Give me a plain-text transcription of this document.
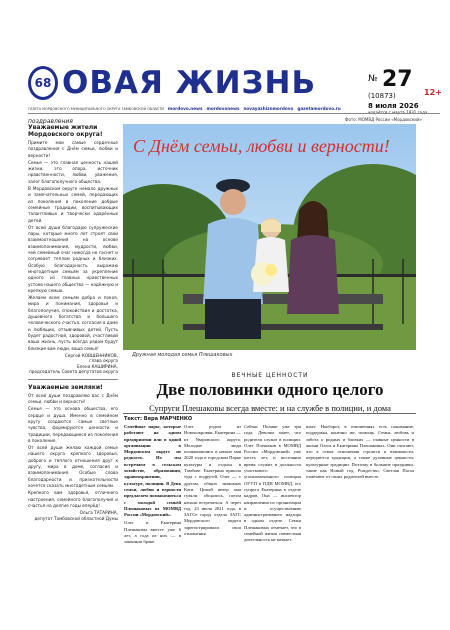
68 ОВАЯ ЖИЗНЬ	№ 27
(10873)	12+
8 июля 2026
издаётся с марта 1931 года
ГАЗЕТА МОРДОВСКОГО МУНИЦИПАЛЬНОГО ОКРУГА ТАМБОВСКОЙ ОБЛАСТИ mordovo.news mordovonews novayazhiznmordovo gazetamordovo.ru
поздравления	Фото: МОМВД России «Мордовский»
Уважаемые жители Мордовского округа!

Примите мои самые сердечные поздравления с Днём семьи, любви и верности!

Семья — это главная ценность нашей жизни, это опора, источник нравственности, любви, уважения, залог благополучного общества.

В Мордовском округе немало дружных и замечательных семей, передающих из поколения в поколение добрые семейные традиции, воспитывающих талантливых и творчески одарённых детей.

От всей души благодарю супружеские пары, которые много лет строят свои взаимоотношения на основе взаимопонимания, мудрости, любви, чей семейный очаг никогда не гаснет и согревает теплом родных и близких. Особую благодарность выражаю многодетным семьям за укрепление одного из главных нравственных устоев нашего общества — надёжную и крепкую семью.

Желаем всем семьям добра и покоя, мира и понимания, здоровья и благополучия, спокойствия и достатка, душевного богатства и большого человеческого счастья, согласия в доме и любящих, отзывчивых детей. Пусть будет радостной, здоровой, счастливой ваша жизнь, пусть всегда рядом будут близкие вам люди, ваша семья!

Сергей КОВШЕННИКОВ,
глава округа
Елена КАШИРИНА,
председатель Совета депутатов округа
Уважаемые земляки!

От всей души поздравляю вас с Днём семьи, любви и верности!

Семья — это основа общества, его сердце и душа. Именно в семейном кругу создаются самые светлые чувства, формируются ценности и традиции, передающиеся из поколения в поколение.

От всей души желаю каждой семье нашего округа крепкого здоровья, доброго и теплого отношения друг к другу, мира в доме, согласия и взаимопонимания. Особые слова благодарности и признательности хочется сказать многодетным семьям.

Крепкого вам здоровья, отличного настроения, семейного благополучия и счастья на долгие годы вперёд!

Ольга ТАТАРИНА,
депутат Тамбовской областной Думы
С Днём семьи, любви и верности!
Дружная молодая семья Плешаковых
ВЕЧНЫЕ ЦЕННОСТИ
Две половинки одного целого
Супруги Плешаковы всегда вместе: и на службе в полиции, и дома
Текст: Вера МАРЧЕНКО

Семейные пары, которые работают на одном предприятии или в одной организации в Мордовском округе не редкость. Их мы встречаем в сельском хозяйстве, образовании, здравоохранении, культуре, полиции. В День семьи, любви и верности предлагаем познакомиться с молодой семьёй Плешаковых из МОМВД России «Мордовский».

Олег и Екатерина Плешаковы вместе уже 6 лет, а года из них — в законном браке.

Олег родом из Новопокровки, Екатерина — из Уваровского округа. Молодые люди познакомились в начале мая 2020 года в городском Парке культуры и отдыха в Тамбове. Екатерина пришла туда с подругой, Олег — с другом, общих знакомых Кати. Целый вечер они гуляли, общались, потом начали встречаться. А через год, 23 июля 2021 года, в ЗАГСе город отдела ЗАГС Мордовского округа зарегистрировали свои отношения.

Сейчас Полине уже три года. Девочка знает, что родители служат в полиции. Олег Плешаков в МОМВД России «Мордовский» уже шесть лет, и постоянно время служит в должности участкового уполномоченного полиции ОУУП и ПДН МОМВД, его супруга Екатерина в отделе кадров. Она — инспектор направления по организации и осуществлению административного надзора в одном отделе. Семья Плешаковых отмечает, что в семейной жизни совместная деятельность не мешает.

шает. Наоборот, в отношениях есть понимание, поддержка, конечно же, помощь. Семья, любовь и забота о родных и близких — главные ценности в жизни Олега и Екатерины Плешаковых. Они считают, что в семье отношения строятся и взаимности, передаются традиции, а также духовные ценности, культурные традиции. Поэтому в большие праздники, такие как Новый год, Рождество, Светлая Пасха отмечают от своих родителей вместе.
